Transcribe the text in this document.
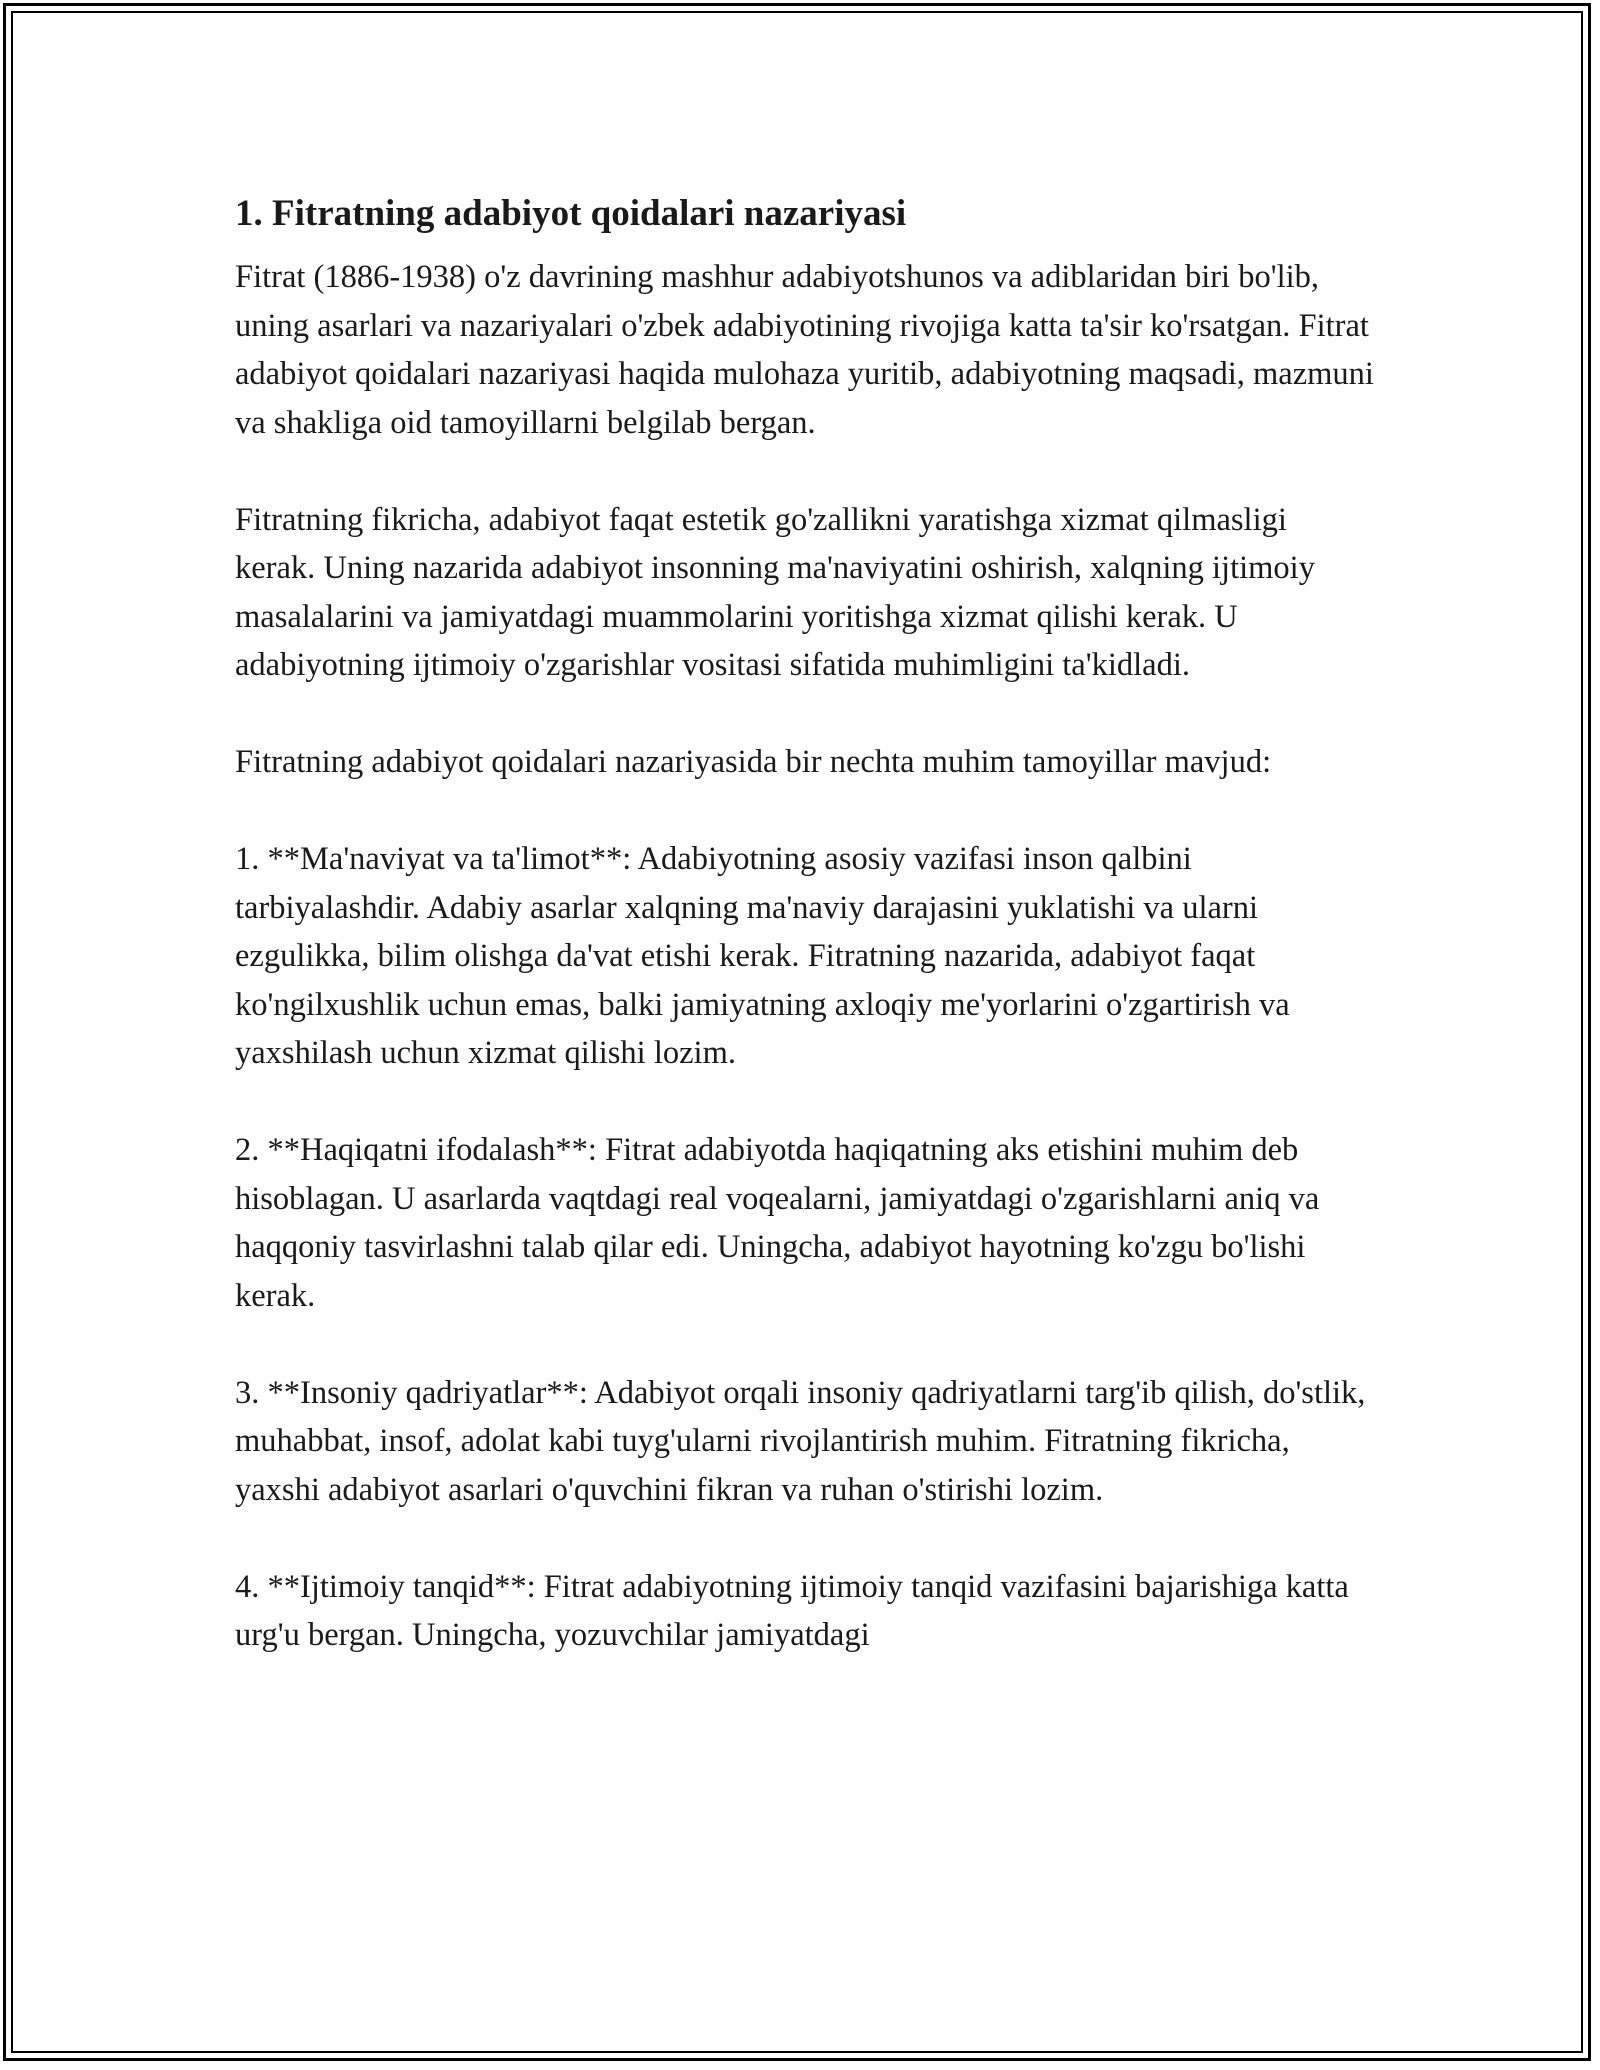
1. Fitratning adabiyot qoidalari nazariyasi

Fitrat (1886-1938) o'z davrining mashhur adabiyotshunos va adiblaridan biri bo'lib, uning asarlari va nazariyalari o'zbek adabiyotining rivojiga katta ta'sir ko'rsatgan. Fitrat adabiyot qoidalari nazariyasi haqida mulohaza yuritib, adabiyotning maqsadi, mazmuni va shakliga oid tamoyillarni belgilab bergan.

Fitratning fikricha, adabiyot faqat estetik go'zallikni yaratishga xizmat qilmasligi kerak. Uning nazarida adabiyot insonning ma'naviyatini oshirish, xalqning ijtimoiy masalalarini va jamiyatdagi muammolarini yoritishga xizmat qilishi kerak. U adabiyotning ijtimoiy o'zgarishlar vositasi sifatida muhimligini ta'kidladi.

Fitratning adabiyot qoidalari nazariyasida bir nechta muhim tamoyillar mavjud:

1. **Ma'naviyat va ta'limot**: Adabiyotning asosiy vazifasi inson qalbini tarbiyalashdir. Adabiy asarlar xalqning ma'naviy darajasini yuklatishi va ularni ezgulikka, bilim olishga da'vat etishi kerak. Fitratning nazarida, adabiyot faqat ko'ngilxushlik uchun emas, balki jamiyatning axloqiy me'yorlarini o'zgartirish va yaxshilash uchun xizmat qilishi lozim.

2. **Haqiqatni ifodalash**: Fitrat adabiyotda haqiqatning aks etishini muhim deb hisoblagan. U asarlarda vaqtdagi real voqealarni, jamiyatdagi o'zgarishlarni aniq va haqqoniy tasvirlashni talab qilar edi. Uningcha, adabiyot hayotning ko'zgu bo'lishi kerak.

3. **Insoniy qadriyatlar**: Adabiyot orqali insoniy qadriyatlarni targ'ib qilish, do'stlik, muhabbat, insof, adolat kabi tuyg'ularni rivojlantirish muhim. Fitratning fikricha, yaxshi adabiyot asarlari o'quvchini fikran va ruhan o'stirishi lozim.

4. **Ijtimoiy tanqid**: Fitrat adabiyotning ijtimoiy tanqid vazifasini bajarishiga katta urg'u bergan. Uningcha, yozuvchilar jamiyatdagi
